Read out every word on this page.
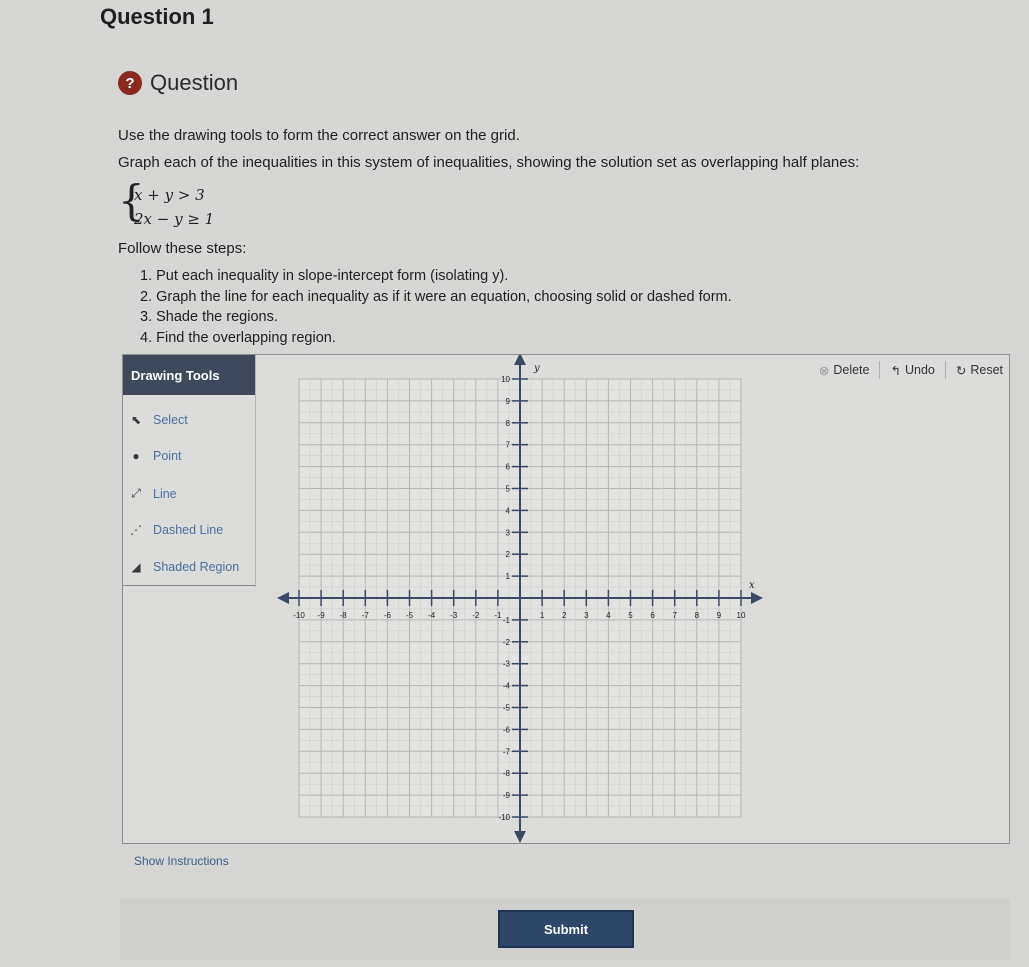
Question 1
? Question
Use the drawing tools to form the correct answer on the grid.
Graph each of the inequalities in this system of inequalities, showing the solution set as overlapping half planes:
{
x + y > 3
2x − y ≥ 1
Follow these steps:
1. Put each inequality in slope-intercept form (isolating y).
2. Graph the line for each inequality as if it were an equation, choosing solid or dashed form.
3. Shade the regions.
4. Find the overlapping region.
Drawing Tools
⬉ Select
●	Point
⤢ Line
⋰ Dashed Line
◢ Shaded Region
⊗ Delete ↰ Undo ↻ Reset
-10 -9 -8 -7 -6 -5 -4 -3 -2 -1	1 2 3 4 5 6 7 8 9 10
10
9
8
7
6
5
4
3
2
1
-1
-2
-3
-4
-5
-6
-7
-8
-9
-10
x
y
Show Instructions
Submit
